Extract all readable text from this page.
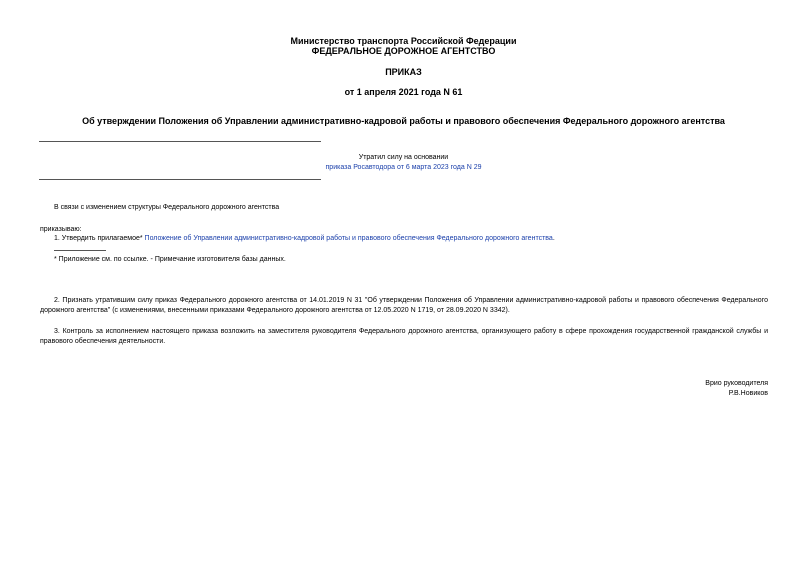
Министерство транспорта Российской Федерации
ФЕДЕРАЛЬНОЕ ДОРОЖНОЕ АГЕНТСТВО
ПРИКАЗ
от 1 апреля 2021 года N 61
Об утверждении Положения об Управлении административно-кадровой работы и правового обеспечения Федерального дорожного агентства
Утратил силу на основании
приказа Росавтодора от 6 марта 2023 года N 29
В связи с изменением структуры Федерального дорожного агентства
приказываю:
1. Утвердить прилагаемое* Положение об Управлении административно-кадровой работы и правового обеспечения Федерального дорожного агентства.
* Приложение см. по ссылке. - Примечание изготовителя базы данных.
2. Признать утратившим силу приказ Федерального дорожного агентства от 14.01.2019 N 31 "Об утверждении Положения об Управлении административно-кадровой работы и правового обеспечения Федерального дорожного агентства" (с изменениями, внесенными приказами Федерального дорожного агентства от 12.05.2020 N 1719, от 28.09.2020 N 3342).
3. Контроль за исполнением настоящего приказа возложить на заместителя руководителя Федерального дорожного агентства, организующего работу в сфере прохождения государственной гражданской службы и правового обеспечения деятельности.
Врио руководителя
Р.В.Новиков
